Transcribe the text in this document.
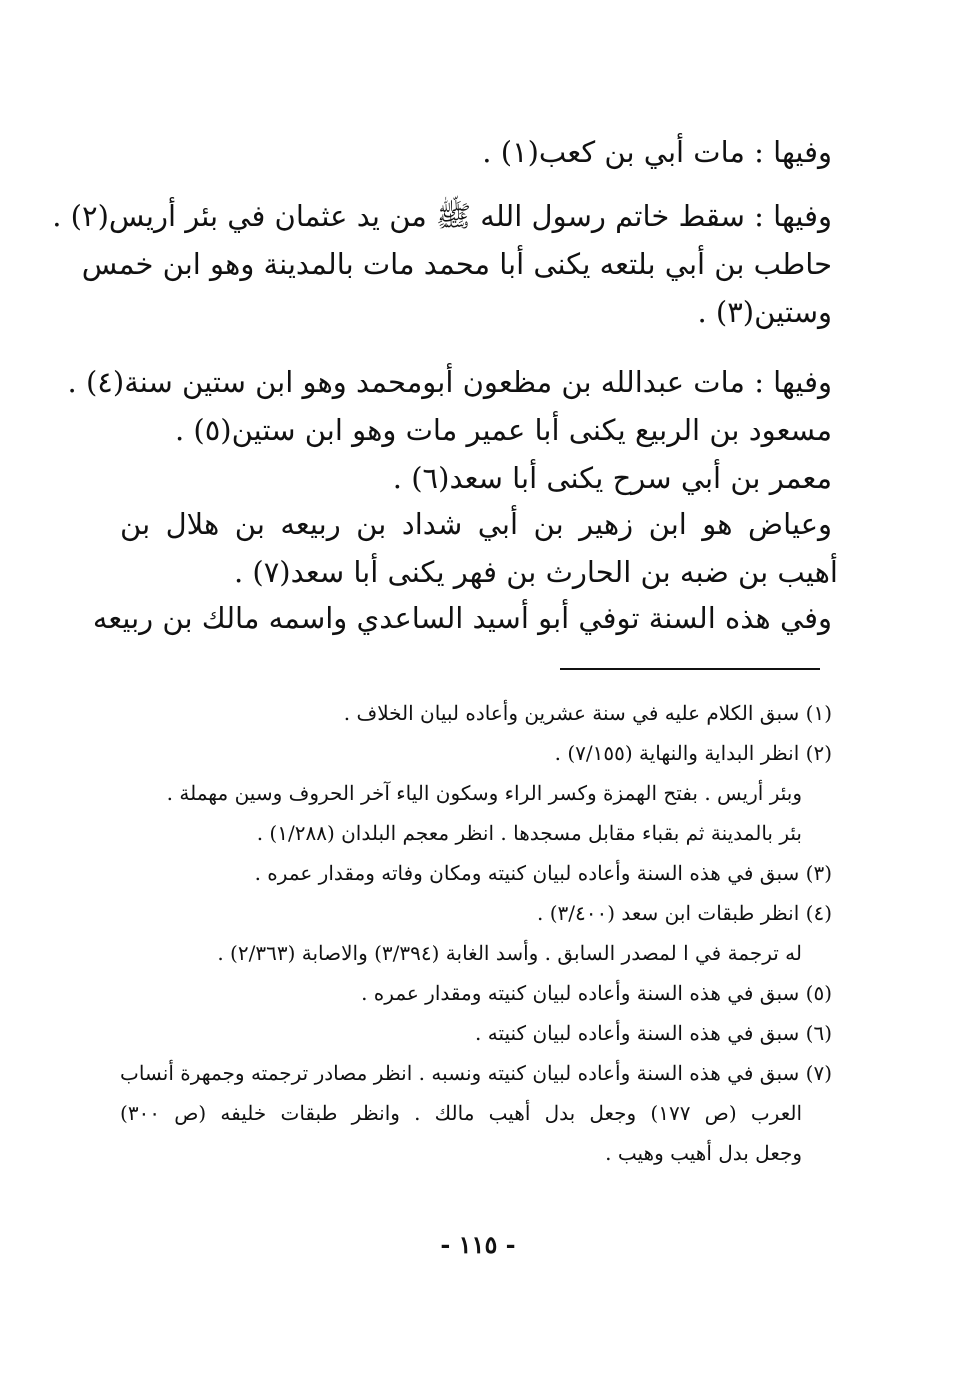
وفيها : مات أبي بن كعب(١) .
وفيها : سقط خاتم رسول الله ﷺ من يد عثمان في بئر أريس(٢) .
حاطب بن أبي بلتعه يكنى أبا محمد مات بالمدينة وهو ابن خمس
وستين(٣) .
وفيها : مات عبدالله بن مظعون أبومحمد وهو ابن ستين سنة(٤) .
مسعود بن الربيع يكنى أبا عمير مات وهو ابن ستين(٥) .
معمر بن أبي سرح يكنى أبا سعد(٦) .
وعياض هو ابن زهير بن أبي شداد بن ربيعه بن هلال بن
أهيب بن ضبه بن الحارث بن فهر يكنى أبا سعد(٧) .
وفي هذه السنة توفي أبو أسيد الساعدي واسمه مالك بن ربيعه
(١) سبق الكلام عليه في سنة عشرين وأعاده لبيان الخلاف .
(٢) انظر البداية والنهاية (٧/١٥٥) .
وبئر أريس . بفتح الهمزة وكسر الراء وسكون الياء آخر الحروف وسين مهملة .
بئر بالمدينة ثم بقباء مقابل مسجدها . انظر معجم البلدان (١/٢٨٨) .
(٣) سبق في هذه السنة وأعاده لبيان كنيته ومكان وفاته ومقدار عمره .
(٤) انظر طبقات ابن سعد (٣/٤٠٠) .
له ترجمة في ا لمصدر السابق . وأسد الغابة (٣/٣٩٤) والاصابة (٢/٣٦٣) .
(٥) سبق في هذه السنة وأعاده لبيان كنيته ومقدار عمره .
(٦) سبق في هذه السنة وأعاده لبيان كنيته .
(٧) سبق في هذه السنة وأعاده لبيان كنيته ونسبه . انظر مصادر ترجمته وجمهرة أنساب
العرب (ص ١٧٧) وجعل بدل أهيب مالك . وانظر طبقات خليفه (ص ٣٠٠)
وجعل بدل أهيب وهيب .
- ١١٥ -
